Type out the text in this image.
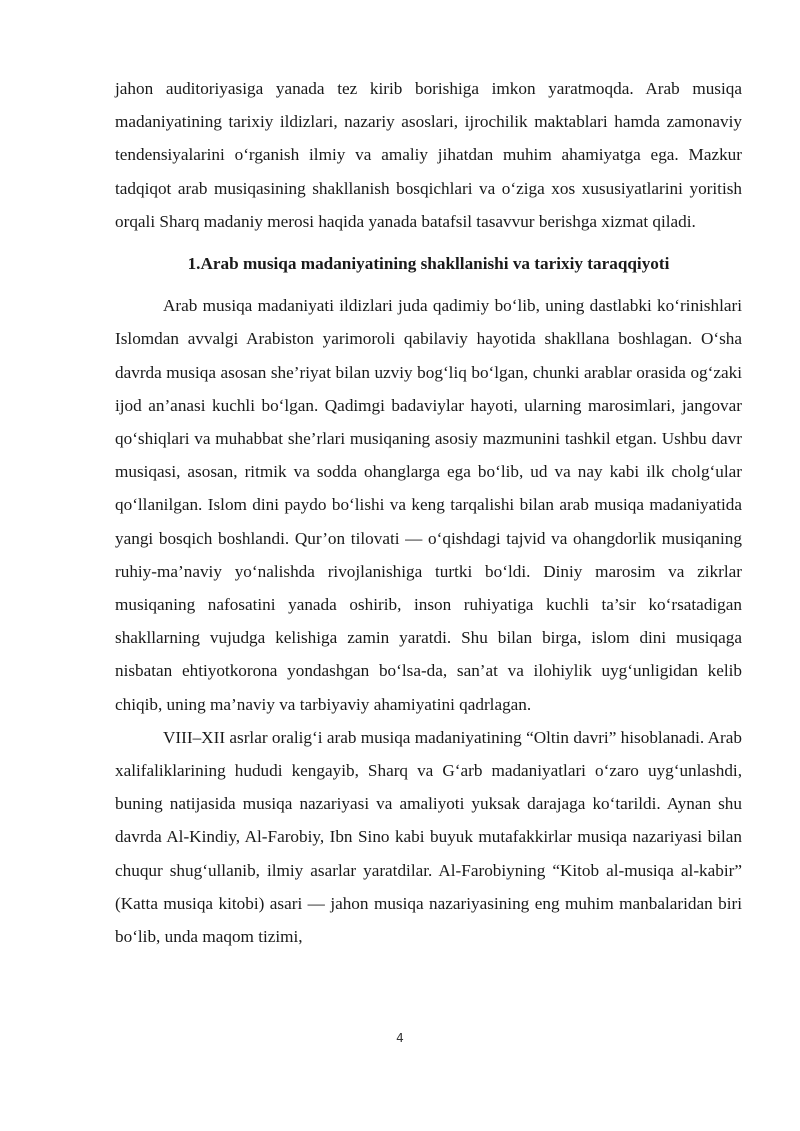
jahon auditoriyasiga yanada tez kirib borishiga imkon yaratmoqda. Arab musiqa madaniyatining tarixiy ildizlari, nazariy asoslari, ijrochilik maktablari hamda zamonaviy tendensiyalarini o‘rganish ilmiy va amaliy jihatdan muhim ahamiyatga ega. Mazkur tadqiqot arab musiqasining shakllanish bosqichlari va o‘ziga xos xususiyatlarini yoritish orqali Sharq madaniy merosi haqida yanada batafsil tasavvur berishga xizmat qiladi.

1.Arab musiqa madaniyatining shakllanishi va tarixiy taraqqiyoti

Arab musiqa madaniyati ildizlari juda qadimiy bo‘lib, uning dastlabki ko‘rinishlari Islomdan avvalgi Arabiston yarimoroli qabilaviy hayotida shakllana boshlagan. O‘sha davrda musiqa asosan she’riyat bilan uzviy bog‘liq bo‘lgan, chunki arablar orasida og‘zaki ijod an’anasi kuchli bo‘lgan. Qadimgi badaviylar hayoti, ularning marosimlari, jangovar qo‘shiqlari va muhabbat she’rlari musiqaning asosiy mazmunini tashkil etgan. Ushbu davr musiqasi, asosan, ritmik va sodda ohanglarga ega bo‘lib, ud va nay kabi ilk cholg‘ular qo‘llanilgan. Islom dini paydo bo‘lishi va keng tarqalishi bilan arab musiqa madaniyatida yangi bosqich boshlandi. Qur’on tilovati — o‘qishdagi tajvid va ohangdorlik musiqaning ruhiy-ma’naviy yo‘nalishda rivojlanishiga turtki bo‘ldi. Diniy marosim va zikrlar musiqaning nafosatini yanada oshirib, inson ruhiyatiga kuchli ta’sir ko‘rsatadigan shakllarning vujudga kelishiga zamin yaratdi. Shu bilan birga, islom dini musiqaga nisbatan ehtiyotkorona yondashgan bo‘lsa-da, san’at va ilohiylik uyg‘unligidan kelib chiqib, uning ma’naviy va tarbiyaviy ahamiyatini qadrlagan.

VIII–XII asrlar oralig‘i arab musiqa madaniyatining “Oltin davri” hisoblanadi. Arab xalifaliklarining hududi kengayib, Sharq va G‘arb madaniyatlari o‘zaro uyg‘unlashdi, buning natijasida musiqa nazariyasi va amaliyoti yuksak darajaga ko‘tarildi. Aynan shu davrda Al-Kindiy, Al-Farobiy, Ibn Sino kabi buyuk mutafakkirlar musiqa nazariyasi bilan chuqur shug‘ullanib, ilmiy asarlar yaratdilar. Al-Farobiyning “Kitob al-musiqa al-kabir” (Katta musiqa kitobi) asari — jahon musiqa nazariyasining eng muhim manbalaridan biri bo‘lib, unda maqom tizimi,

4
